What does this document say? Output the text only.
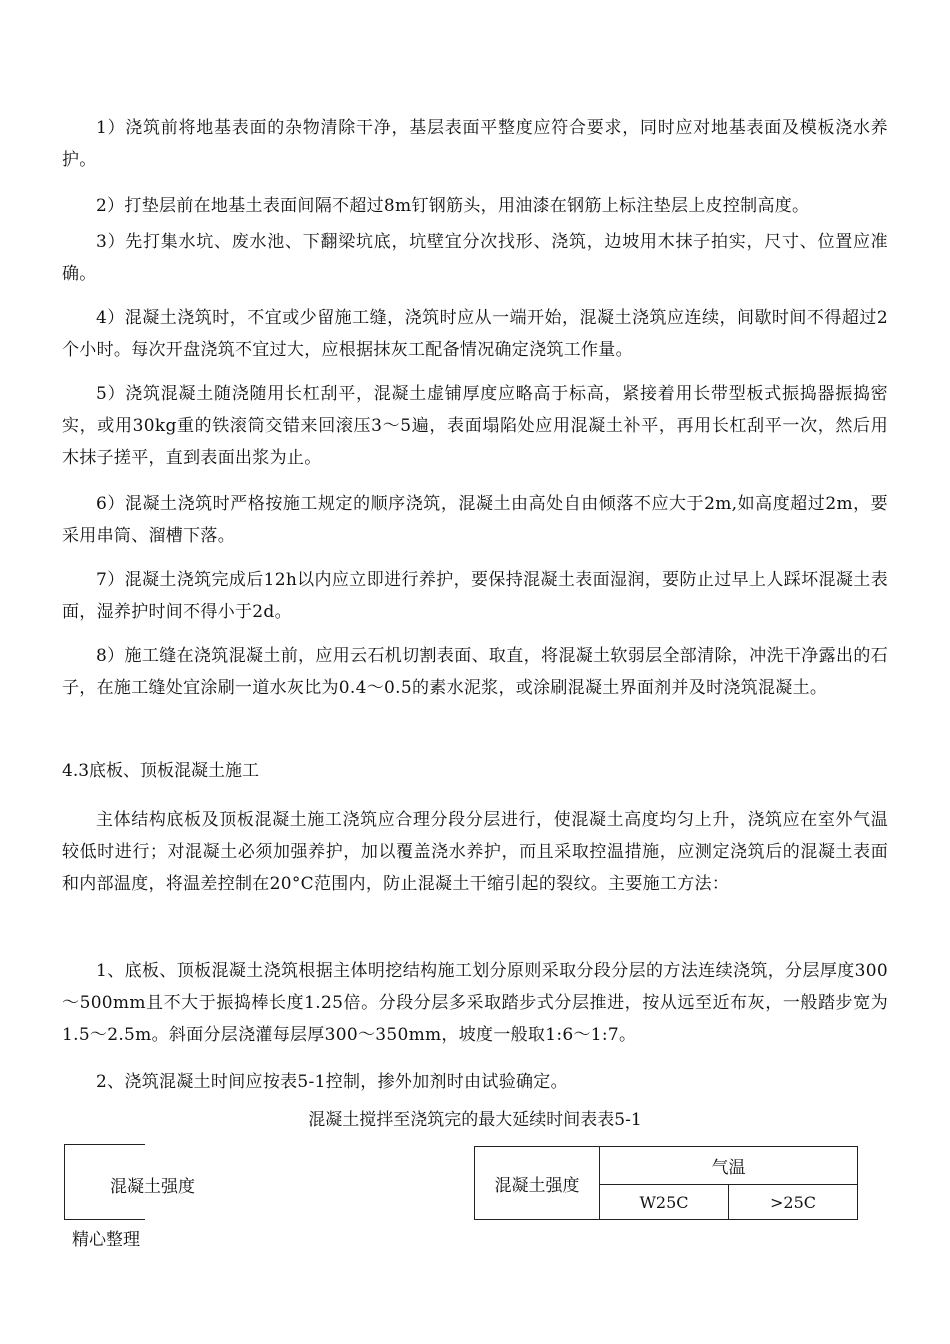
1）浇筑前将地基表面的杂物清除干净，基层表面平整度应符合要求，同时应对地基表面及模板浇水养护。

2）打垫层前在地基土表面间隔不超过8m钉钢筋头，用油漆在钢筋上标注垫层上皮控制高度。

3）先打集水坑、废水池、下翻梁坑底，坑壁宜分次找形、浇筑，边坡用木抹子拍实，尺寸、位置应准确。

4）混凝土浇筑时，不宜或少留施工缝，浇筑时应从一端开始，混凝土浇筑应连续，间歇时间不得超过2个小时。每次开盘浇筑不宜过大，应根据抹灰工配备情况确定浇筑工作量。

5）浇筑混凝土随浇随用长杠刮平，混凝土虚铺厚度应略高于标高，紧接着用长带型板式振捣器振捣密实，或用30kg重的铁滚筒交错来回滚压3～5遍，表面塌陷处应用混凝土补平，再用长杠刮平一次，然后用木抹子搓平，直到表面出浆为止。

6）混凝土浇筑时严格按施工规定的顺序浇筑，混凝土由高处自由倾落不应大于2m,如高度超过2m，要采用串筒、溜槽下落。

7）混凝土浇筑完成后12h以内应立即进行养护，要保持混凝土表面湿润，要防止过早上人踩坏混凝土表面，湿养护时间不得小于2d。

8）施工缝在浇筑混凝土前，应用云石机切割表面、取直，将混凝土软弱层全部清除，冲洗干净露出的石子，在施工缝处宜涂刷一道水灰比为0.4～0.5的素水泥浆，或涂刷混凝土界面剂并及时浇筑混凝土。

4.3底板、顶板混凝土施工

主体结构底板及顶板混凝土施工浇筑应合理分段分层进行，使混凝土高度均匀上升，浇筑应在室外气温较低时进行；对混凝土必须加强养护，加以覆盖浇水养护，而且采取控温措施，应测定浇筑后的混凝土表面和内部温度，将温差控制在20°C范围内，防止混凝土干缩引起的裂纹。主要施工方法：

1、底板、顶板混凝土浇筑根据主体明挖结构施工划分原则采取分段分层的方法连续浇筑，分层厚度300～500mm且不大于振捣棒长度1.25倍。分段分层多采取踏步式分层推进，按从远至近布灰，一般踏步宽为1.5～2.5m。斜面分层浇灌每层厚300～350mm，坡度一般取1:6～1:7。

2、浇筑混凝土时间应按表5-1控制，掺外加剂时由试验确定。

混凝土搅拌至浇筑完的最大延续时间表表5-1

混凝土强度	混凝土强度	气温	
	W25C	>25C
精心整理
